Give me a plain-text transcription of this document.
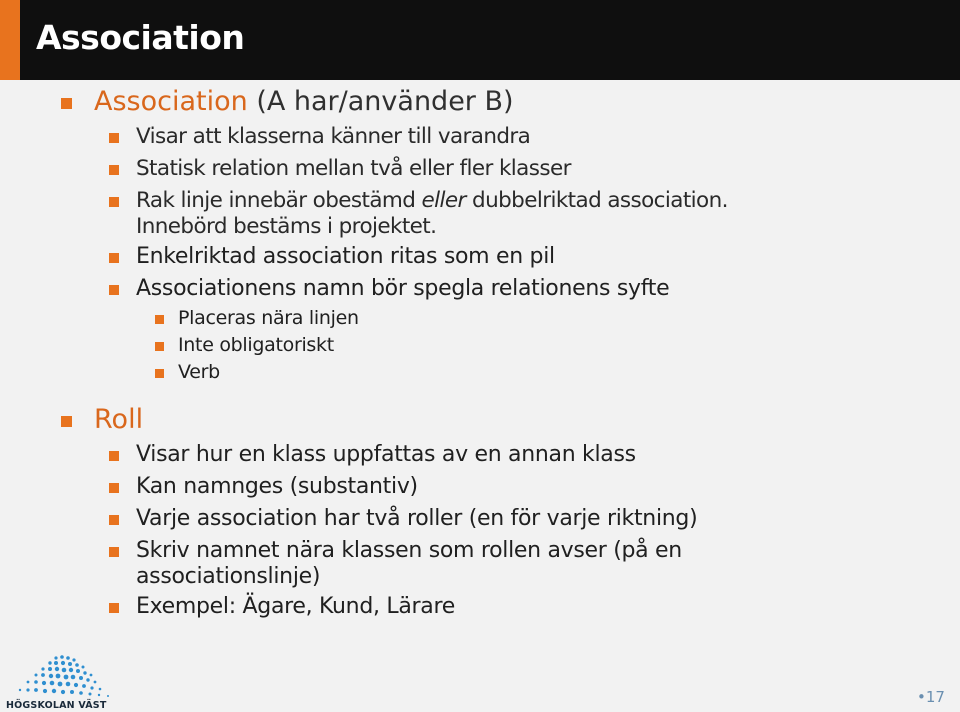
Association
Association (A har/använder B)
Visar att klasserna känner till varandra
Statisk relation mellan två eller fler klasser
Rak linje innebär obestämd eller dubbelriktad association.
Innebörd bestäms i projektet.
Enkelriktad association ritas som en pil
Associationens namn bör spegla relationens syfte
Placeras nära linjen
Inte obligatoriskt
Verb
Roll
Visar hur en klass uppfattas av en annan klass
Kan namnges (substantiv)
Varje association har två roller (en för varje riktning)
Skriv namnet nära klassen som rollen avser (på en
associationslinje)
Exempel: Ägare, Kund, Lärare
HÖGSKOLAN VÄST	•17
